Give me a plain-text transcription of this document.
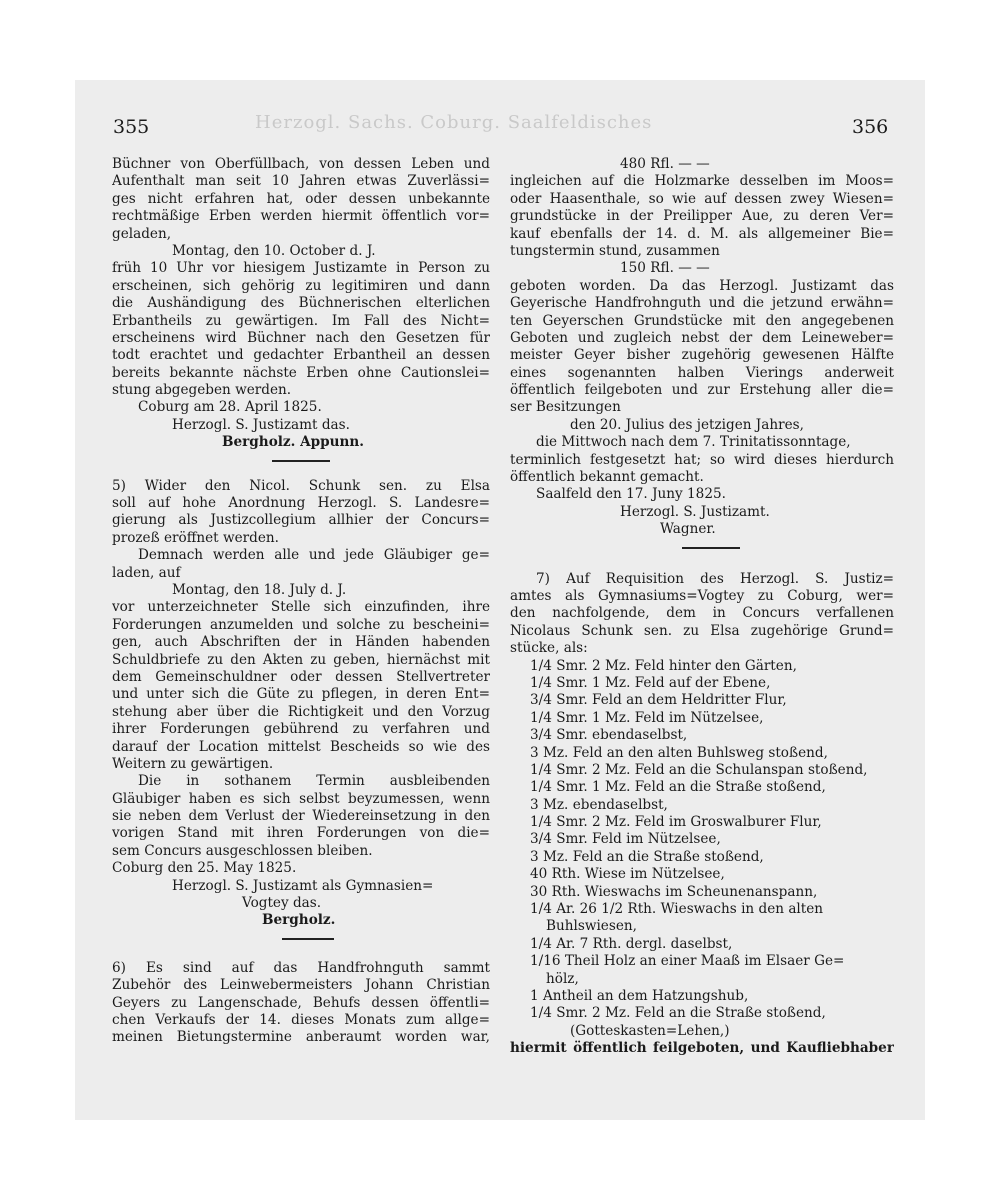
Herzogl. Sachs. Coburg. Saalfeldisches
355	356
Büchner von Oberfüllbach, von dessen Leben und
Aufenthalt man seit 10 Jahren etwas Zuverlässi=
ges nicht erfahren hat, oder dessen unbekannte
rechtmäßige Erben werden hiermit öffentlich vor=
geladen,
Montag, den 10. October d. J.
früh 10 Uhr vor hiesigem Justizamte in Person zu
erscheinen, sich gehörig zu legitimiren und dann
die Aushändigung des Büchnerischen elterlichen
Erbantheils zu gewärtigen. Im Fall des Nicht=
erscheinens wird Büchner nach den Gesetzen für
todt erachtet und gedachter Erbantheil an dessen
bereits bekannte nächste Erben ohne Cautionslei=
stung abgegeben werden.
Coburg am 28. April 1825.
Herzogl. S. Justizamt das.
Bergholz. Appunn.
5) Wider den Nicol. Schunk sen. zu Elsa
soll auf hohe Anordnung Herzogl. S. Landesre=
gierung als Justizcollegium allhier der Concurs=
prozeß eröffnet werden.
Demnach werden alle und jede Gläubiger ge=
laden, auf
Montag, den 18. July d. J.
vor unterzeichneter Stelle sich einzufinden, ihre
Forderungen anzumelden und solche zu bescheini=
gen, auch Abschriften der in Händen habenden
Schuldbriefe zu den Akten zu geben, hiernächst mit
dem Gemeinschuldner oder dessen Stellvertreter
und unter sich die Güte zu pflegen, in deren Ent=
stehung aber über die Richtigkeit und den Vorzug
ihrer Forderungen gebührend zu verfahren und
darauf der Location mittelst Bescheids so wie des
Weitern zu gewärtigen.
Die in sothanem Termin ausbleibenden
Gläubiger haben es sich selbst beyzumessen, wenn
sie neben dem Verlust der Wiedereinsetzung in den
vorigen Stand mit ihren Forderungen von die=
sem Concurs ausgeschlossen bleiben.
Coburg den 25. May 1825.
Herzogl. S. Justizamt als Gymnasien=
Vogtey das.
Bergholz.
6) Es sind auf das Handfrohnguth sammt
Zubehör des Leinwebermeisters Johann Christian
Geyers zu Langenschade, Behufs dessen öffentli=
chen Verkaufs der 14. dieses Monats zum allge=
meinen Bietungstermine anberaumt worden war,
480 Rfl. — —
ingleichen auf die Holzmarke desselben im Moos=
oder Haasenthale, so wie auf dessen zwey Wiesen=
grundstücke in der Preilipper Aue, zu deren Ver=
kauf ebenfalls der 14. d. M. als allgemeiner Bie=
tungstermin stund, zusammen
150 Rfl. — —
geboten worden. Da das Herzogl. Justizamt das
Geyerische Handfrohnguth und die jetzund erwähn=
ten Geyerschen Grundstücke mit den angegebenen
Geboten und zugleich nebst der dem Leineweber=
meister Geyer bisher zugehörig gewesenen Hälfte
eines sogenannten halben Vierings anderweit
öffentlich feilgeboten und zur Erstehung aller die=
ser Besitzungen
den 20. Julius des jetzigen Jahres,
die Mittwoch nach dem 7. Trinitatissonntage,
terminlich festgesetzt hat; so wird dieses hierdurch
öffentlich bekannt gemacht.
Saalfeld den 17. Juny 1825.
Herzogl. S. Justizamt.
Wagner.
7) Auf Requisition des Herzogl. S. Justiz=
amtes als Gymnasiums=Vogtey zu Coburg, wer=
den nachfolgende, dem in Concurs verfallenen
Nicolaus Schunk sen. zu Elsa zugehörige Grund=
stücke, als:
1/4 Smr. 2 Mz. Feld hinter den Gärten,
1/4 Smr. 1 Mz. Feld auf der Ebene,
3/4 Smr. Feld an dem Heldritter Flur,
1/4 Smr. 1 Mz. Feld im Nützelsee,
3/4 Smr. ebendaselbst,
3 Mz. Feld an den alten Buhlsweg stoßend,
1/4 Smr. 2 Mz. Feld an die Schulanspan stoßend,
1/4 Smr. 1 Mz. Feld an die Straße stoßend,
3 Mz. ebendaselbst,
1/4 Smr. 2 Mz. Feld im Groswalburer Flur,
3/4 Smr. Feld im Nützelsee,
3 Mz. Feld an die Straße stoßend,
40 Rth. Wiese im Nützelsee,
30 Rth. Wieswachs im Scheunenanspann,
1/4 Ar. 26 1/2 Rth. Wieswachs in den alten
Buhlswiesen,
1/4 Ar. 7 Rth. dergl. daselbst,
1/16 Theil Holz an einer Maaß im Elsaer Ge=
hölz,
1 Antheil an dem Hatzungshub,
1/4 Smr. 2 Mz. Feld an die Straße stoßend,
(Gotteskasten=Lehen,)
hiermit öffentlich feilgeboten, und Kaufliebhaber
